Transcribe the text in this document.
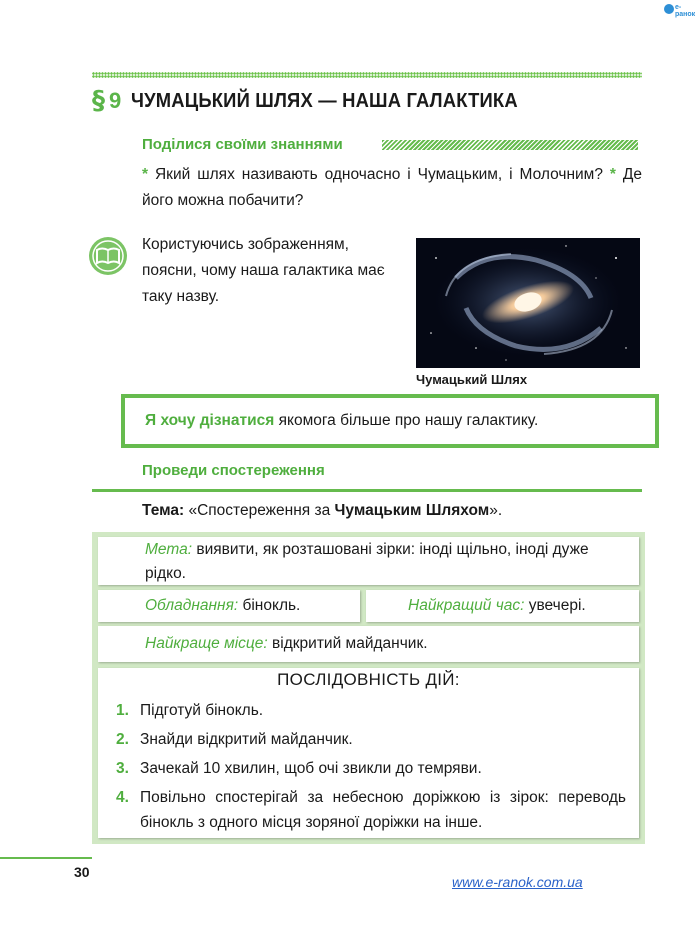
e-ранок
§ 9 ЧУМАЦЬКИЙ ШЛЯХ — НАША ГАЛАКТИКА
Поділися своїми знаннями
* Який шлях називають одночасно і Чумацьким, і Молочним? * Де його можна побачити?
Користуючись зображенням, поясни, чому наша галактика має таку назву.
Чумацький Шлях
Я хочу дізнатися
якомога більше про нашу галактику.
Проведи спостереження
Тема: «Спостереження за Чумацьким Шляхом».
Мета: виявити, як розташовані зірки: іноді щільно, іноді дуже рідко.
Обладнання: бінокль.	Найкращий час: увечері.
Найкраще місце: відкритий майданчик.
ПОСЛІДОВНІСТЬ ДІЙ:
1. Підготуй бінокль.
2. Знайди відкритий майданчик.
3. Зачекай 10 хвилин, щоб очі звикли до темряви.
4. Повільно спостерігай за небесною доріжкою із зірок: переводь бінокль з одного місця зоряної доріжки на інше.
30
www.e-ranok.com.ua
